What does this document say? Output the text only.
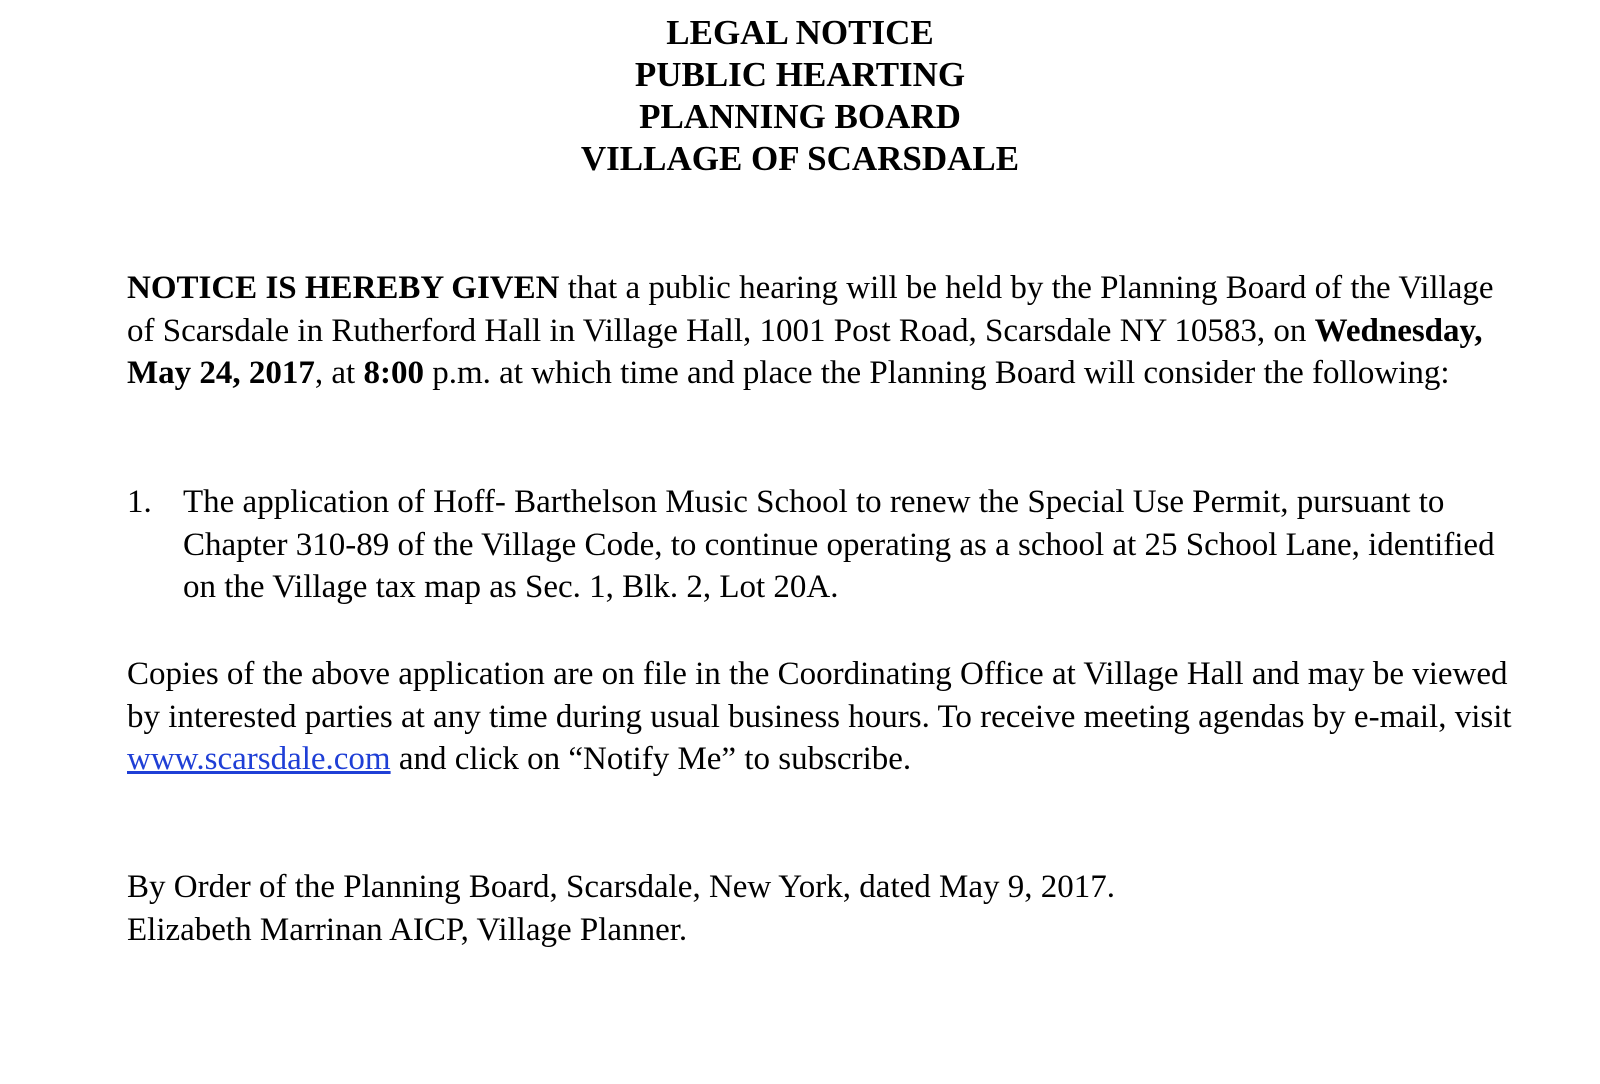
LEGAL NOTICE
PUBLIC HEARTING
PLANNING BOARD
VILLAGE OF SCARSDALE
NOTICE IS HEREBY GIVEN that a public hearing will be held by the Planning Board of the Village of Scarsdale in Rutherford Hall in Village Hall, 1001 Post Road, Scarsdale NY 10583, on Wednesday, May 24, 2017, at 8:00 p.m. at which time and place the Planning Board will consider the following:
1. The application of Hoff- Barthelson Music School to renew the Special Use Permit, pursuant to Chapter 310-89 of the Village Code, to continue operating as a school at 25 School Lane, identified on the Village tax map as Sec. 1, Blk. 2, Lot 20A.
Copies of the above application are on file in the Coordinating Office at Village Hall and may be viewed by interested parties at any time during usual business hours. To receive meeting agendas by e-mail, visit www.scarsdale.com and click on “Notify Me” to subscribe.
By Order of the Planning Board, Scarsdale, New York, dated May 9, 2017.
Elizabeth Marrinan AICP, Village Planner.
